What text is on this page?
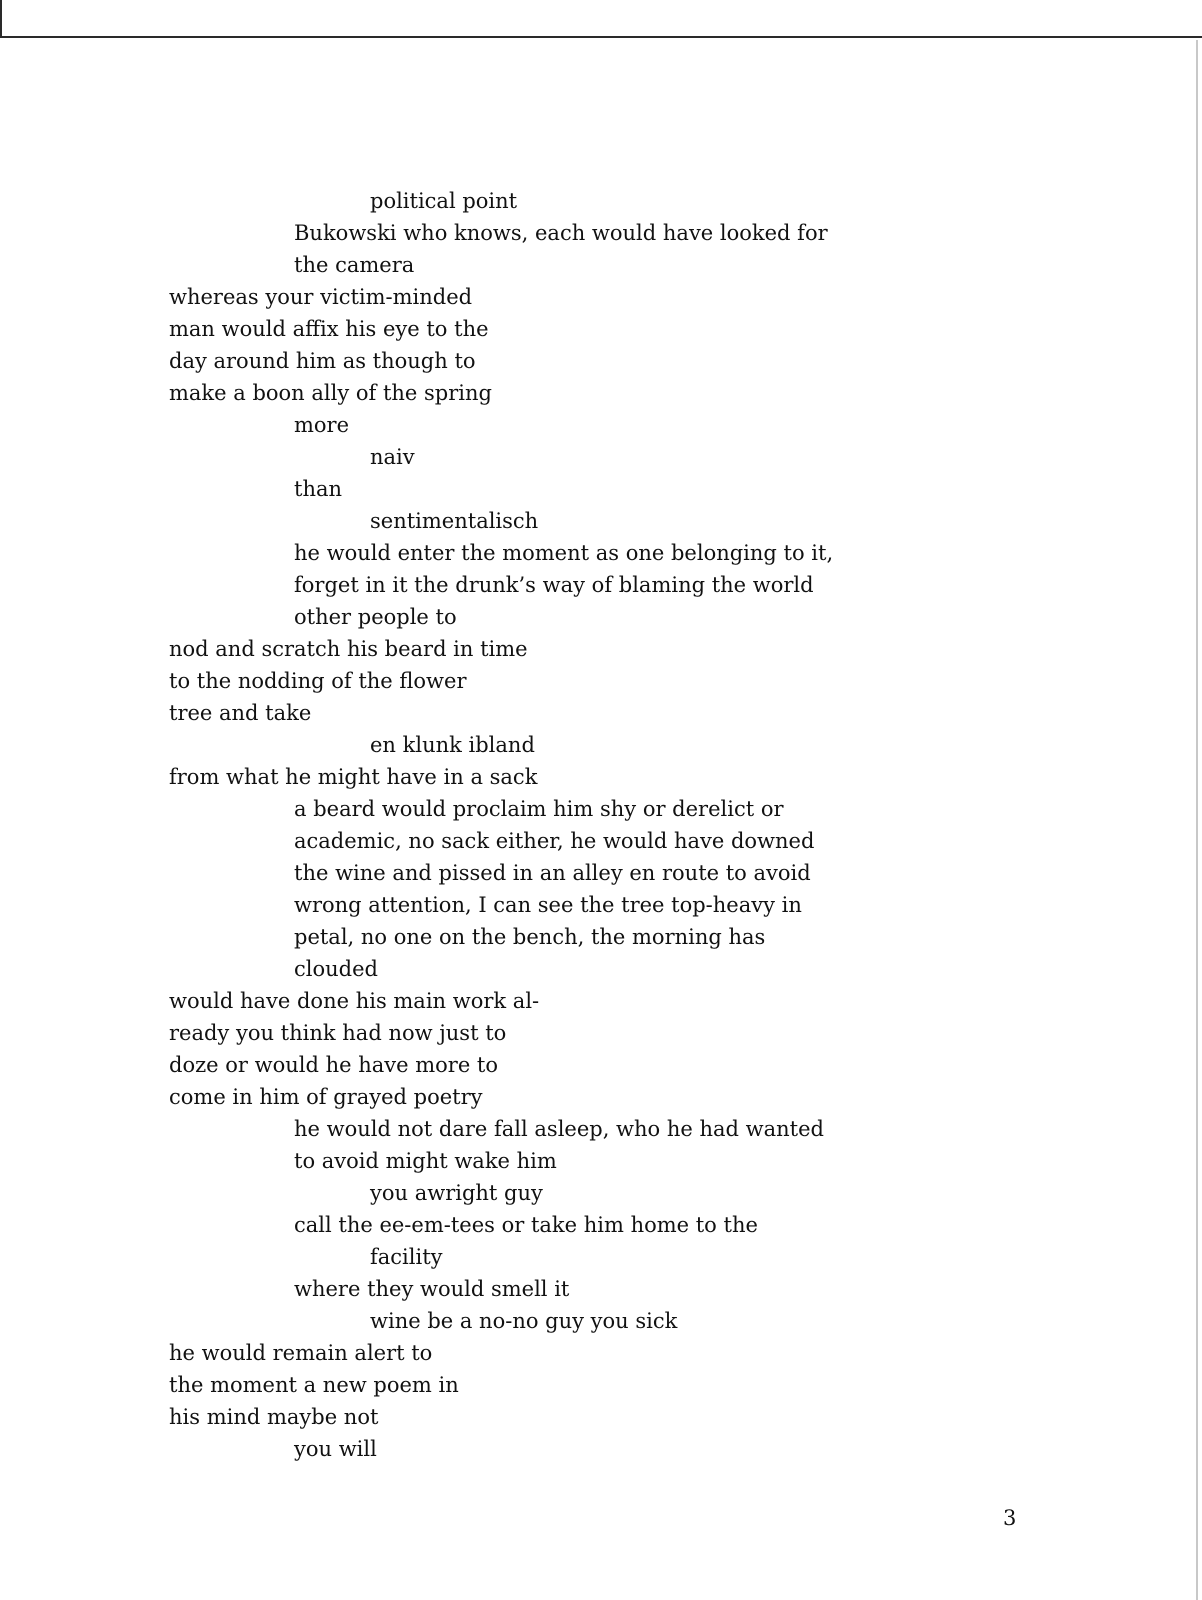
political point
Bukowski who knows, each would have looked for
the camera
whereas your victim-minded
man would affix his eye to the
day around him as though to
make a boon ally of the spring
more
naiv
than
sentimentalisch
he would enter the moment as one belonging to it,
forget in it the drunk’s way of blaming the world
other people to
nod and scratch his beard in time
to the nodding of the flower
tree and take
en klunk ibland
from what he might have in a sack
a beard would proclaim him shy or derelict or
academic, no sack either, he would have downed
the wine and pissed in an alley en route to avoid
wrong attention, I can see the tree top-heavy in
petal, no one on the bench, the morning has
clouded
would have done his main work al-
ready you think had now just to
doze or would he have more to
come in him of grayed poetry
he would not dare fall asleep, who he had wanted
to avoid might wake him
you awright guy
call the ee-em-tees or take him home to the
facility
where they would smell it
wine be a no-no guy you sick
he would remain alert to
the moment a new poem in
his mind maybe not
you will
3
